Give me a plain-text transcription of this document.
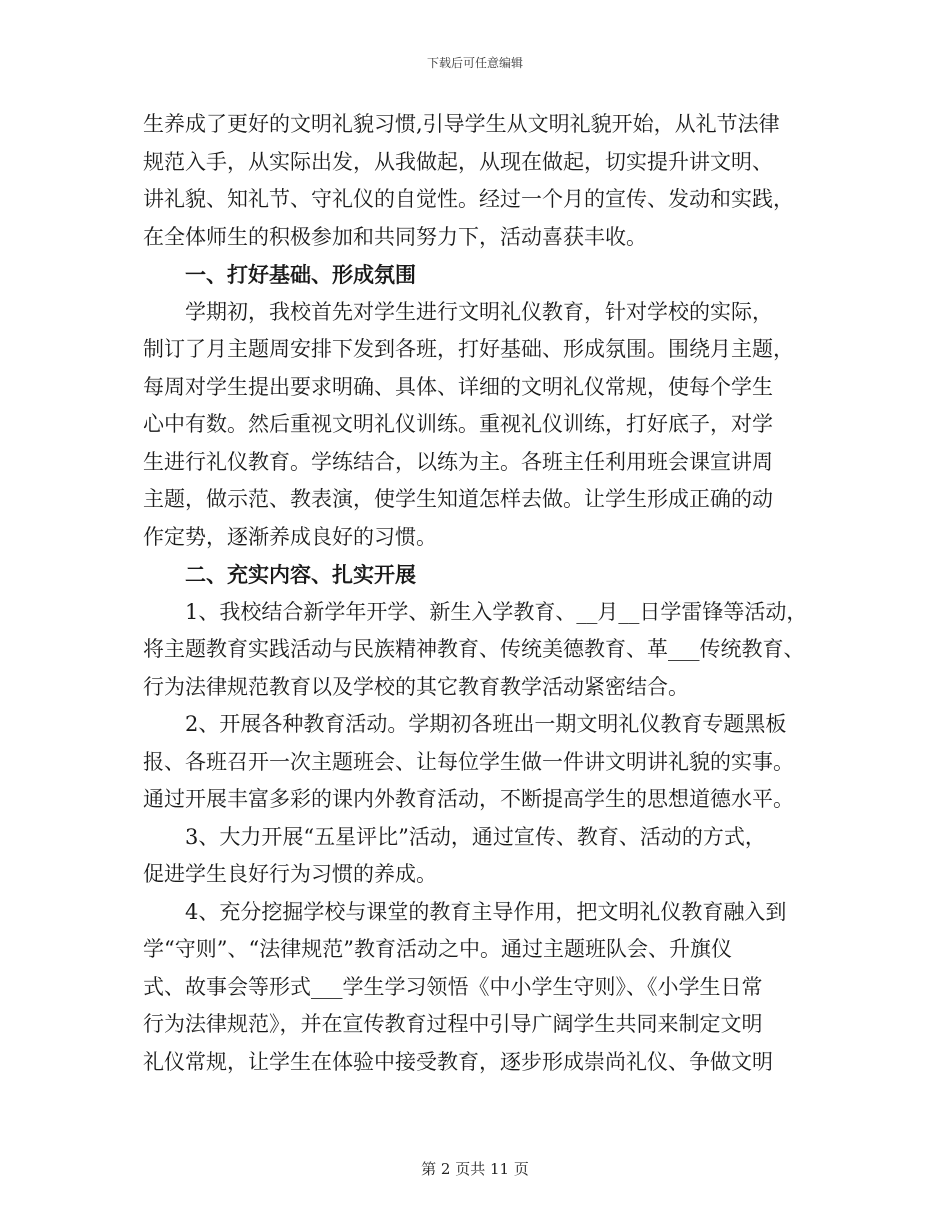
下载后可任意编辑
生养成了更好的文明礼貌习惯,引导学生从文明礼貌开始，从礼节法律
规范入手，从实际出发，从我做起，从现在做起，切实提升讲文明、
讲礼貌、知礼节、守礼仪的自觉性。经过一个月的宣传、发动和实践，
在全体师生的积极参加和共同努力下，活动喜获丰收。
一、打好基础、形成氛围
学期初，我校首先对学生进行文明礼仪教育，针对学校的实际，
制订了月主题周安排下发到各班，打好基础、形成氛围。围绕月主题，
每周对学生提出要求明确、具体、详细的文明礼仪常规，使每个学生
心中有数。然后重视文明礼仪训练。重视礼仪训练，打好底子，对学
生进行礼仪教育。学练结合，以练为主。各班主任利用班会课宣讲周
主题，做示范、教表演，使学生知道怎样去做。让学生形成正确的动
作定势，逐渐养成良好的习惯。
二、充实内容、扎实开展
1、我校结合新学年开学、新生入学教育、__月__日学雷锋等活动，
将主题教育实践活动与民族精神教育、传统美德教育、革___传统教育、
行为法律规范教育以及学校的其它教育教学活动紧密结合。
2、开展各种教育活动。学期初各班出一期文明礼仪教育专题黑板
报、各班召开一次主题班会、让每位学生做一件讲文明讲礼貌的实事。
通过开展丰富多彩的课内外教育活动，不断提高学生的思想道德水平。
3、大力开展“五星评比”活动，通过宣传、教育、活动的方式，
促进学生良好行为习惯的养成。
4、充分挖掘学校与课堂的教育主导作用，把文明礼仪教育融入到
学“守则”、“法律规范”教育活动之中。通过主题班队会、升旗仪
式、故事会等形式___学生学习领悟《中小学生守则》、《小学生日常
行为法律规范》，并在宣传教育过程中引导广阔学生共同来制定文明
礼仪常规，让学生在体验中接受教育，逐步形成崇尚礼仪、争做文明
第 2 页共 11 页
